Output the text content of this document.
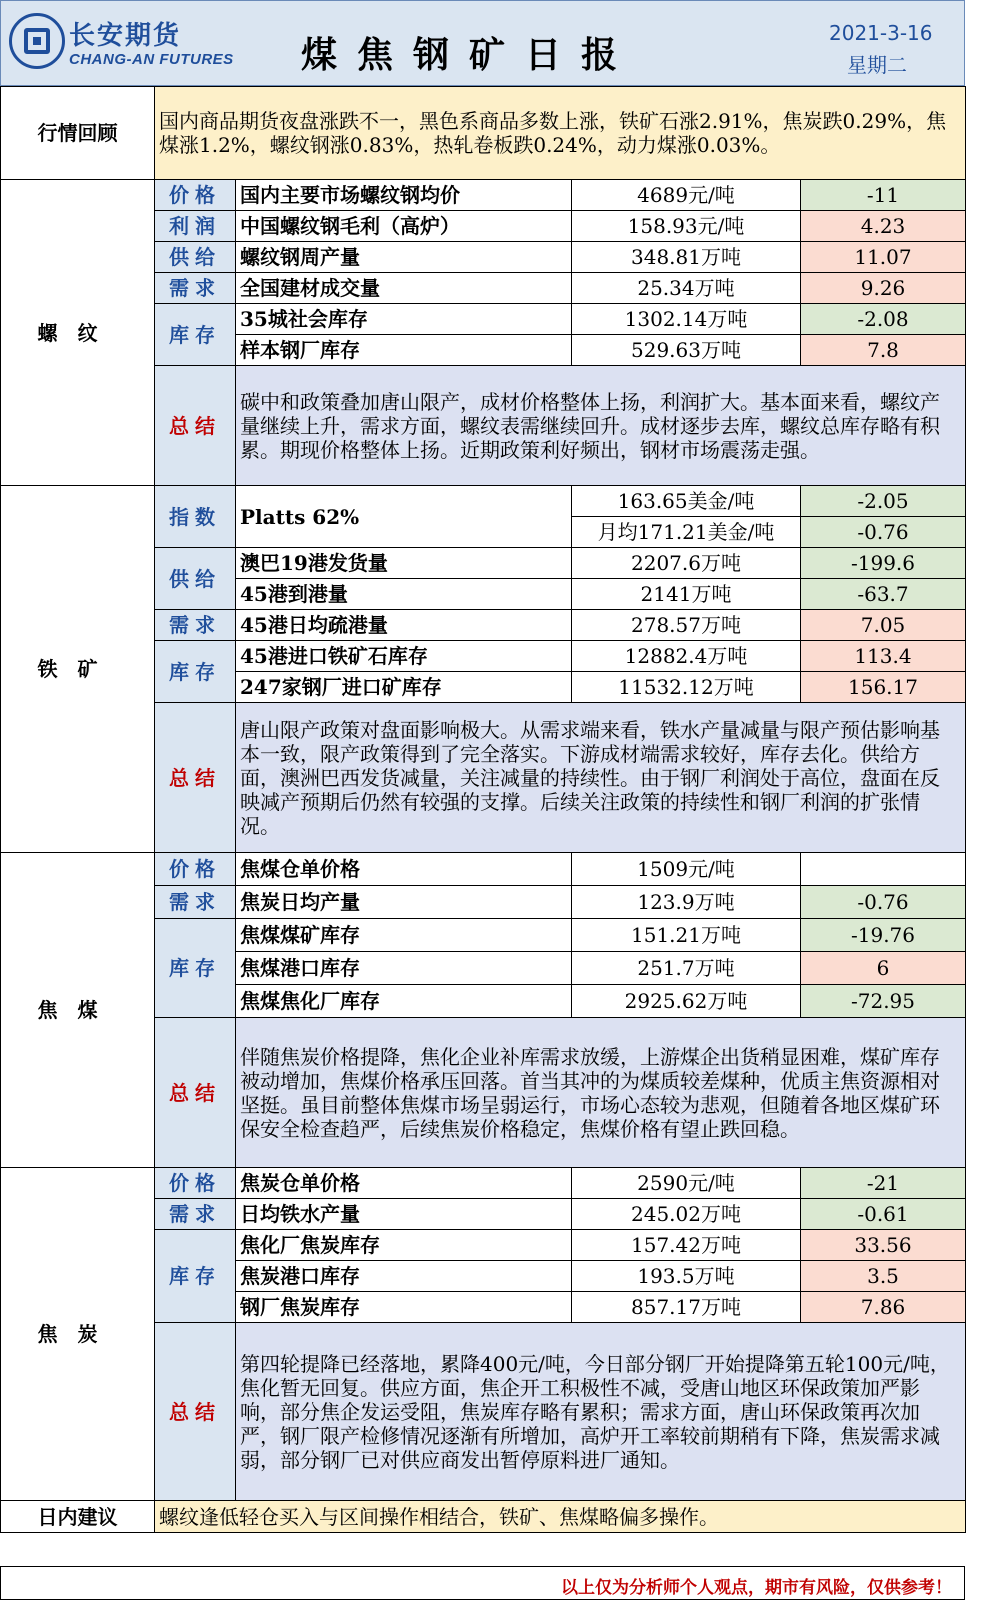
长安期货
CHANG-AN FUTURES 煤焦钢矿日报
2021-3-16
星期二
行情回顾	国内商品期货夜盘涨跌不一，黑色系商品多数上涨，铁矿石涨2.91%，焦炭跌0.29%，焦煤涨1.2%，螺纹钢涨0.83%，热轧卷板跌0.24%，动力煤涨0.03%。			
螺纹	价格	国内主要市场螺纹钢均价	4689元/吨	-11
	利润	中国螺纹钢毛利（高炉）	158.93元/吨	4.23
	供给	螺纹钢周产量	348.81万吨	11.07
	需求	全国建材成交量	25.34万吨	9.26
	库存	35城社会库存	1302.14万吨	-2.08
		样本钢厂库存	529.63万吨	7.8
	总结	碳中和政策叠加唐山限产，成材价格整体上扬，利润扩大。基本面来看，螺纹产量继续上升，需求方面，螺纹表需继续回升。成材逐步去库，螺纹总库存略有积累。期现价格整体上扬。近期政策利好频出，钢材市场震荡走强。		
铁矿	指数	Platts 62%	163.65美金/吨	-2.05
			月均171.21美金/吨	-0.76
	供给	澳巴19港发货量	2207.6万吨	-199.6
		45港到港量	2141万吨	-63.7
	需求	45港日均疏港量	278.57万吨	7.05
	库存	45港进口铁矿石库存	12882.4万吨	113.4
		247家钢厂进口矿库存	11532.12万吨	156.17
	总结	唐山限产政策对盘面影响极大。从需求端来看，铁水产量减量与限产预估影响基本一致，限产政策得到了完全落实。下游成材端需求较好，库存去化。供给方面，澳洲巴西发货减量，关注减量的持续性。由于钢厂利润处于高位，盘面在反映减产预期后仍然有较强的支撑。后续关注政策的持续性和钢厂利润的扩张情况。		
焦煤	价格	焦煤仓单价格	1509元/吨	
	需求	焦炭日均产量	123.9万吨	-0.76
	库存	焦煤煤矿库存	151.21万吨	-19.76
		焦煤港口库存	251.7万吨	6
		焦煤焦化厂库存	2925.62万吨	-72.95
	总结	伴随焦炭价格提降，焦化企业补库需求放缓，上游煤企出货稍显困难，煤矿库存被动增加，焦煤价格承压回落。首当其冲的为煤质较差煤种，优质主焦资源相对坚挺。虽目前整体焦煤市场呈弱运行，市场心态较为悲观，但随着各地区煤矿环保安全检查趋严，后续焦炭价格稳定，焦煤价格有望止跌回稳。		
焦炭	价格	焦炭仓单价格	2590元/吨	-21
	需求	日均铁水产量	245.02万吨	-0.61
	库存	焦化厂焦炭库存	157.42万吨	33.56
		焦炭港口库存	193.5万吨	3.5
		钢厂焦炭库存	857.17万吨	7.86
	总结	第四轮提降已经落地，累降400元/吨，今日部分钢厂开始提降第五轮100元/吨，焦化暂无回复。供应方面，焦企开工积极性不减，受唐山地区环保政策加严影响，部分焦企发运受阻，焦炭库存略有累积；需求方面，唐山环保政策再次加严，钢厂限产检修情况逐渐有所增加，高炉开工率较前期稍有下降，焦炭需求减弱，部分钢厂已对供应商发出暂停原料进厂通知。		
日内建议	螺纹逢低轻仓买入与区间操作相结合，铁矿、焦煤略偏多操作。			
以上仅为分析师个人观点，期市有风险，仅供参考！
